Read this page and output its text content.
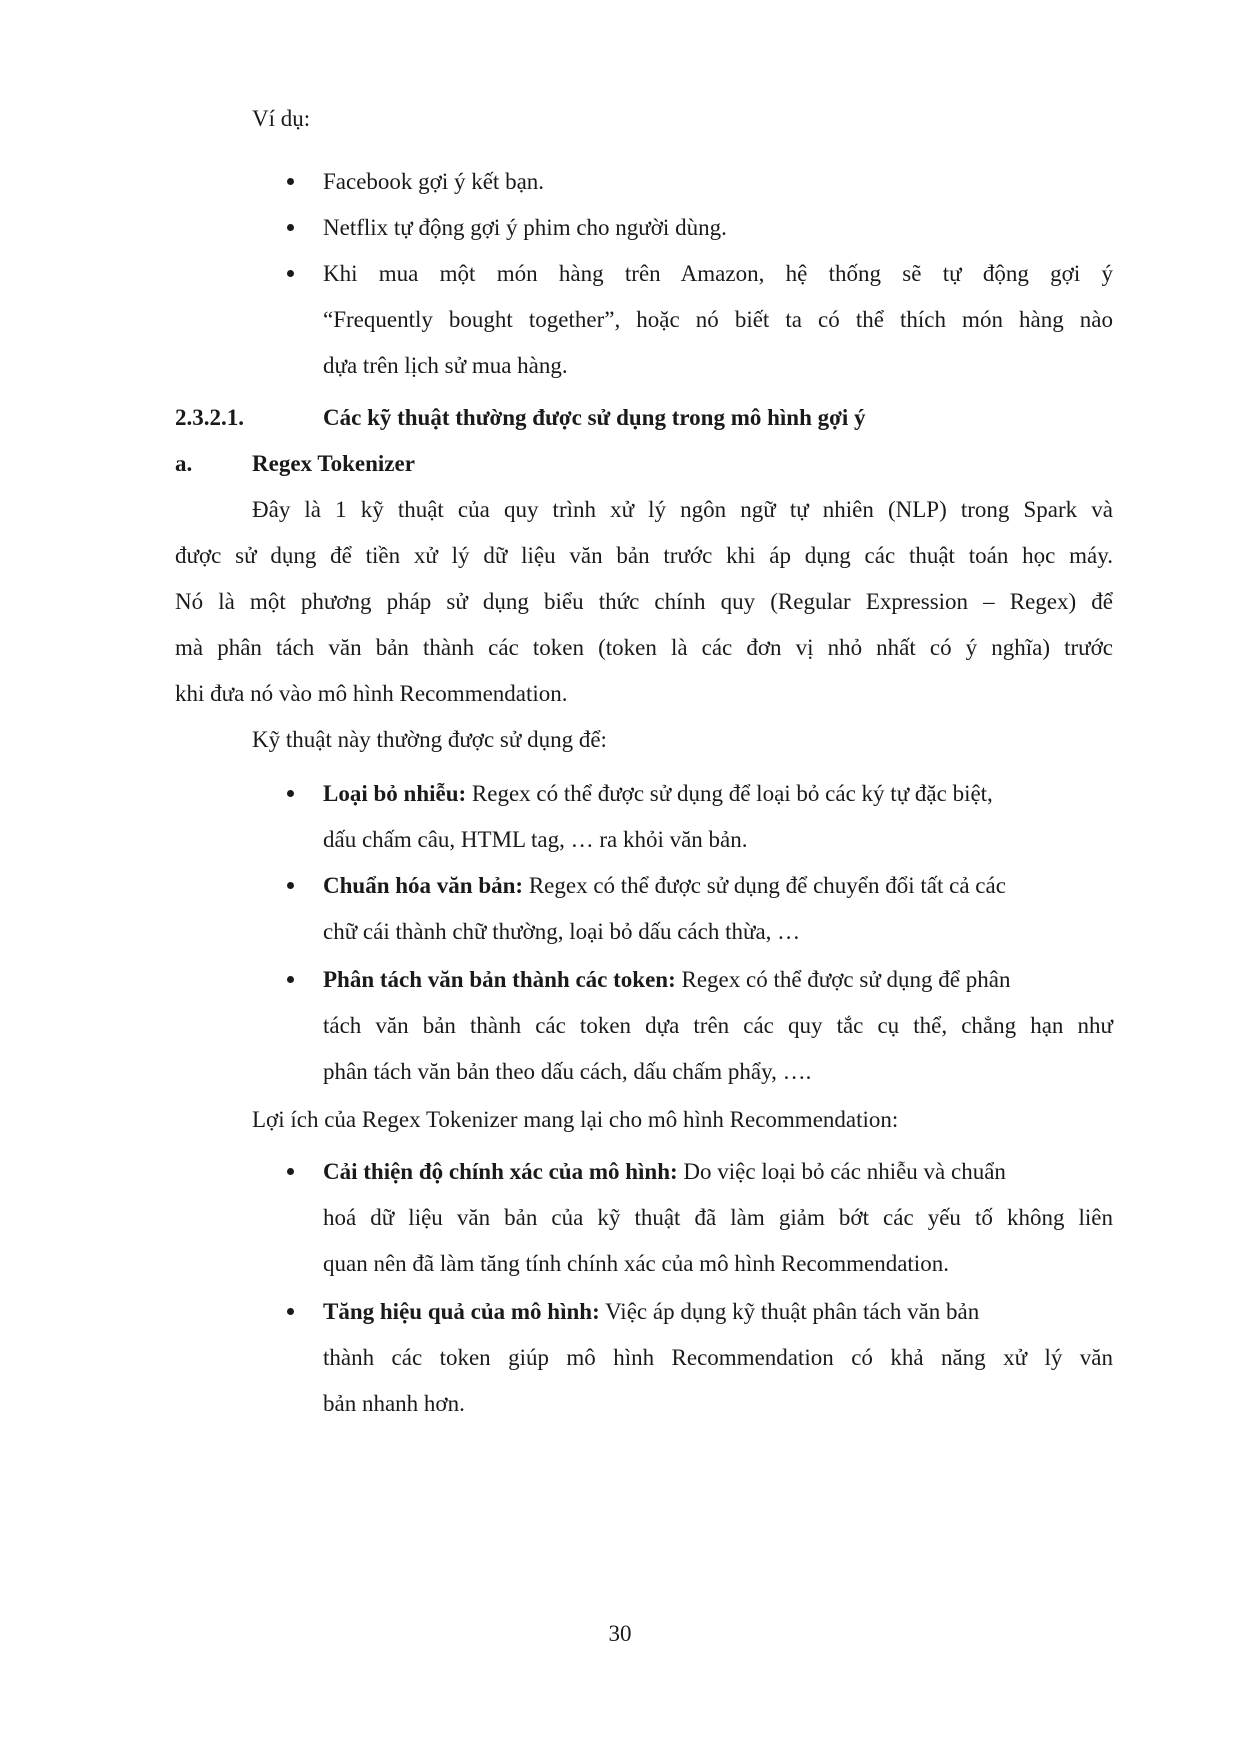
Ví dụ:
Facebook gợi ý kết bạn.
Netflix tự động gợi ý phim cho người dùng.
Khi mua một món hàng trên Amazon, hệ thống sẽ tự động gợi ý
“Frequently bought together”, hoặc nó biết ta có thể thích món hàng nào
dựa trên lịch sử mua hàng.
2.3.2.1.	Các kỹ thuật thường được sử dụng trong mô hình gợi ý
a.	Regex Tokenizer
Đây là 1 kỹ thuật của quy trình xử lý ngôn ngữ tự nhiên (NLP) trong Spark và
được sử dụng để tiền xử lý dữ liệu văn bản trước khi áp dụng các thuật toán học máy.
Nó là một phương pháp sử dụng biểu thức chính quy (Regular Expression – Regex) để
mà phân tách văn bản thành các token (token là các đơn vị nhỏ nhất có ý nghĩa) trước
khi đưa nó vào mô hình Recommendation.
Kỹ thuật này thường được sử dụng để:
Loại bỏ nhiễu: Regex có thể được sử dụng để loại bỏ các ký tự đặc biệt,
dấu chấm câu, HTML tag, … ra khỏi văn bản.
Chuẩn hóa văn bản: Regex có thể được sử dụng để chuyển đổi tất cả các
chữ cái thành chữ thường, loại bỏ dấu cách thừa, …
Phân tách văn bản thành các token: Regex có thể được sử dụng để phân
tách văn bản thành các token dựa trên các quy tắc cụ thể, chẳng hạn như
phân tách văn bản theo dấu cách, dấu chấm phẩy, ….
Lợi ích của Regex Tokenizer mang lại cho mô hình Recommendation:
Cải thiện độ chính xác của mô hình: Do việc loại bỏ các nhiễu và chuẩn
hoá dữ liệu văn bản của kỹ thuật đã làm giảm bớt các yếu tố không liên
quan nên đã làm tăng tính chính xác của mô hình Recommendation.
Tăng hiệu quả của mô hình: Việc áp dụng kỹ thuật phân tách văn bản
thành các token giúp mô hình Recommendation có khả năng xử lý văn
bản nhanh hơn.
30
